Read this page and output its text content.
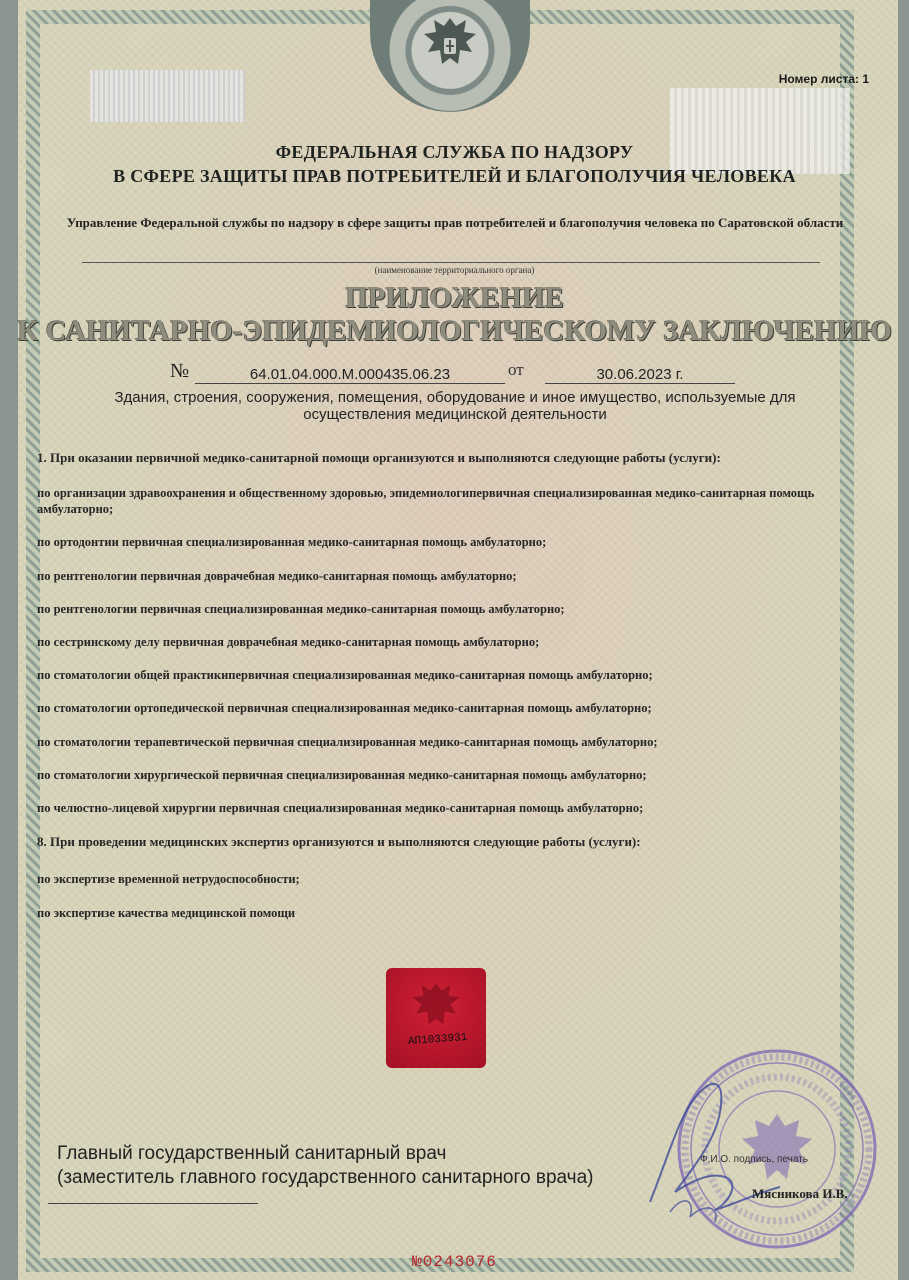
Номер листа: 1
ФЕДЕРАЛЬНАЯ СЛУЖБА ПО НАДЗОРУ
В СФЕРЕ ЗАЩИТЫ ПРАВ ПОТРЕБИТЕЛЕЙ И БЛАГОПОЛУЧИЯ ЧЕЛОВЕКА
Управление Федеральной службы по надзору в сфере защиты прав потребителей и благополучия человека по Саратовской области
(наименование территориального органа)
ПРИЛОЖЕНИЕ
К САНИТАРНО-ЭПИДЕМИОЛОГИЧЕСКОМУ ЗАКЛЮЧЕНИЮ
№	64.01.04.000.М.000435.06.23	от	30.06.2023 г.
Здания, строения, сооружения, помещения, оборудование и иное имущество, используемые для осуществления медицинской деятельности
1. При оказании первичной медико-санитарной помощи организуются и выполняются следующие работы (услуги):
по организации здравоохранения и общественному здоровью, эпидемиологипервичная специализированная медико-санитарная помощь амбулаторно;
по ортодонтии первичная специализированная медико-санитарная помощь амбулаторно;
по рентгенологии первичная доврачебная медико-санитарная помощь амбулаторно;
по рентгенологии первичная специализированная медико-санитарная помощь амбулаторно;
по сестринскому делу первичная доврачебная медико-санитарная помощь амбулаторно;
по стоматологии общей практикипервичная специализированная медико-санитарная помощь амбулаторно;
по стоматологии ортопедической первичная специализированная медико-санитарная помощь амбулаторно;
по стоматологии терапевтической первичная специализированная медико-санитарная помощь амбулаторно;
по стоматологии хирургической первичная специализированная медико-санитарная помощь амбулаторно;
по челюстно-лицевой хирургии первичная специализированная медико-санитарная помощь амбулаторно;
8. При проведении медицинских экспертиз организуются и выполняются следующие работы (услуги):
по экспертизе временной нетрудоспособности;
по экспертизе качества медицинской помощи
АП1033931
Главный государственный санитарный врач
(заместитель главного государственного санитарного врача)
Ф.И.О. подпись, печать
Мясникова И.В.
№0243076
